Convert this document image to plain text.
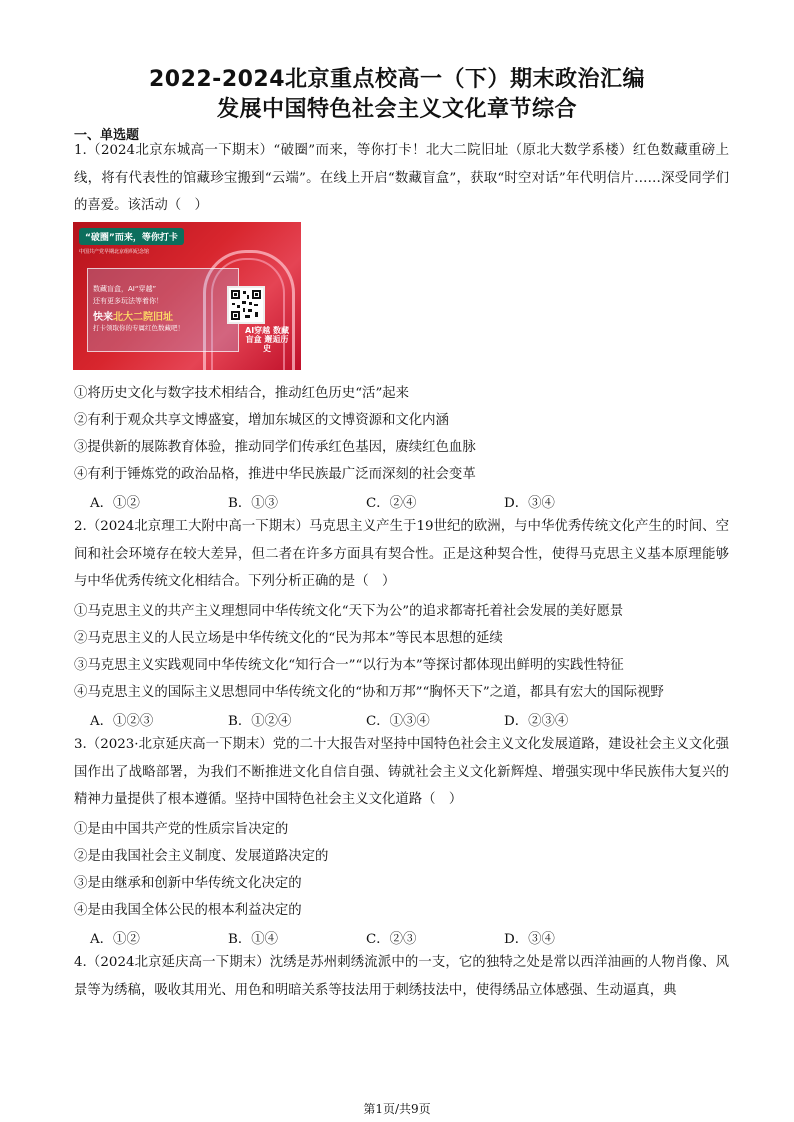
2022-2024北京重点校高一（下）期末政治汇编
发展中国特色社会主义文化章节综合
一、单选题
1.（2024北京东城高一下期末）“破圈”而来，等你打卡！北大二院旧址（原北大数学系楼）红色数藏重磅上线，将有代表性的馆藏珍宝搬到“云端”。在线上开启“数藏盲盒”，获取“时空对话”年代明信片……深受同学们的喜爱。该活动（　）
“破圈”而来，等你打卡
中国共产党早期北京组织纪念馆
数藏盲盒，AI“穿越”
还有更多玩法等着你！
快来北大二院旧址
打卡领取你的专属红色数藏吧！	AI穿越 数藏盲盒 邂逅历史
①将历史文化与数字技术相结合，推动红色历史“活”起来
②有利于观众共享文博盛宴，增加东城区的文博资源和文化内涵
③提供新的展陈教育体验，推动同学们传承红色基因，赓续红色血脉
④有利于锤炼党的政治品格，推进中华民族最广泛而深刻的社会变革
A．①②	B．①③	C．②④	D．③④
2.（2024北京理工大附中高一下期末）马克思主义产生于19世纪的欧洲，与中华优秀传统文化产生的时间、空间和社会环境存在较大差异，但二者在许多方面具有契合性。正是这种契合性，使得马克思主义基本原理能够与中华优秀传统文化相结合。下列分析正确的是（　）
①马克思主义的共产主义理想同中华传统文化“天下为公”的追求都寄托着社会发展的美好愿景
②马克思主义的人民立场是中华传统文化的“民为邦本”等民本思想的延续
③马克思主义实践观同中华传统文化“知行合一”“以行为本”等探讨都体现出鲜明的实践性特征
④马克思主义的国际主义思想同中华传统文化的“协和万邦”“胸怀天下”之道，都具有宏大的国际视野
A．①②③	B．①②④	C．①③④	D．②③④
3.（2023·北京延庆高一下期末）党的二十大报告对坚持中国特色社会主义文化发展道路，建设社会主义文化强国作出了战略部署，为我们不断推进文化自信自强、铸就社会主义文化新辉煌、增强实现中华民族伟大复兴的精神力量提供了根本遵循。坚持中国特色社会主义文化道路（　）
①是由中国共产党的性质宗旨决定的
②是由我国社会主义制度、发展道路决定的
③是由继承和创新中华传统文化决定的
④是由我国全体公民的根本利益决定的
A．①②	B．①④	C．②③	D．③④
4.（2024北京延庆高一下期末）沈绣是苏州刺绣流派中的一支，它的独特之处是常以西洋油画的人物肖像、风景等为绣稿，吸收其用光、用色和明暗关系等技法用于刺绣技法中，使得绣品立体感强、生动逼真，典
第1页/共9页
